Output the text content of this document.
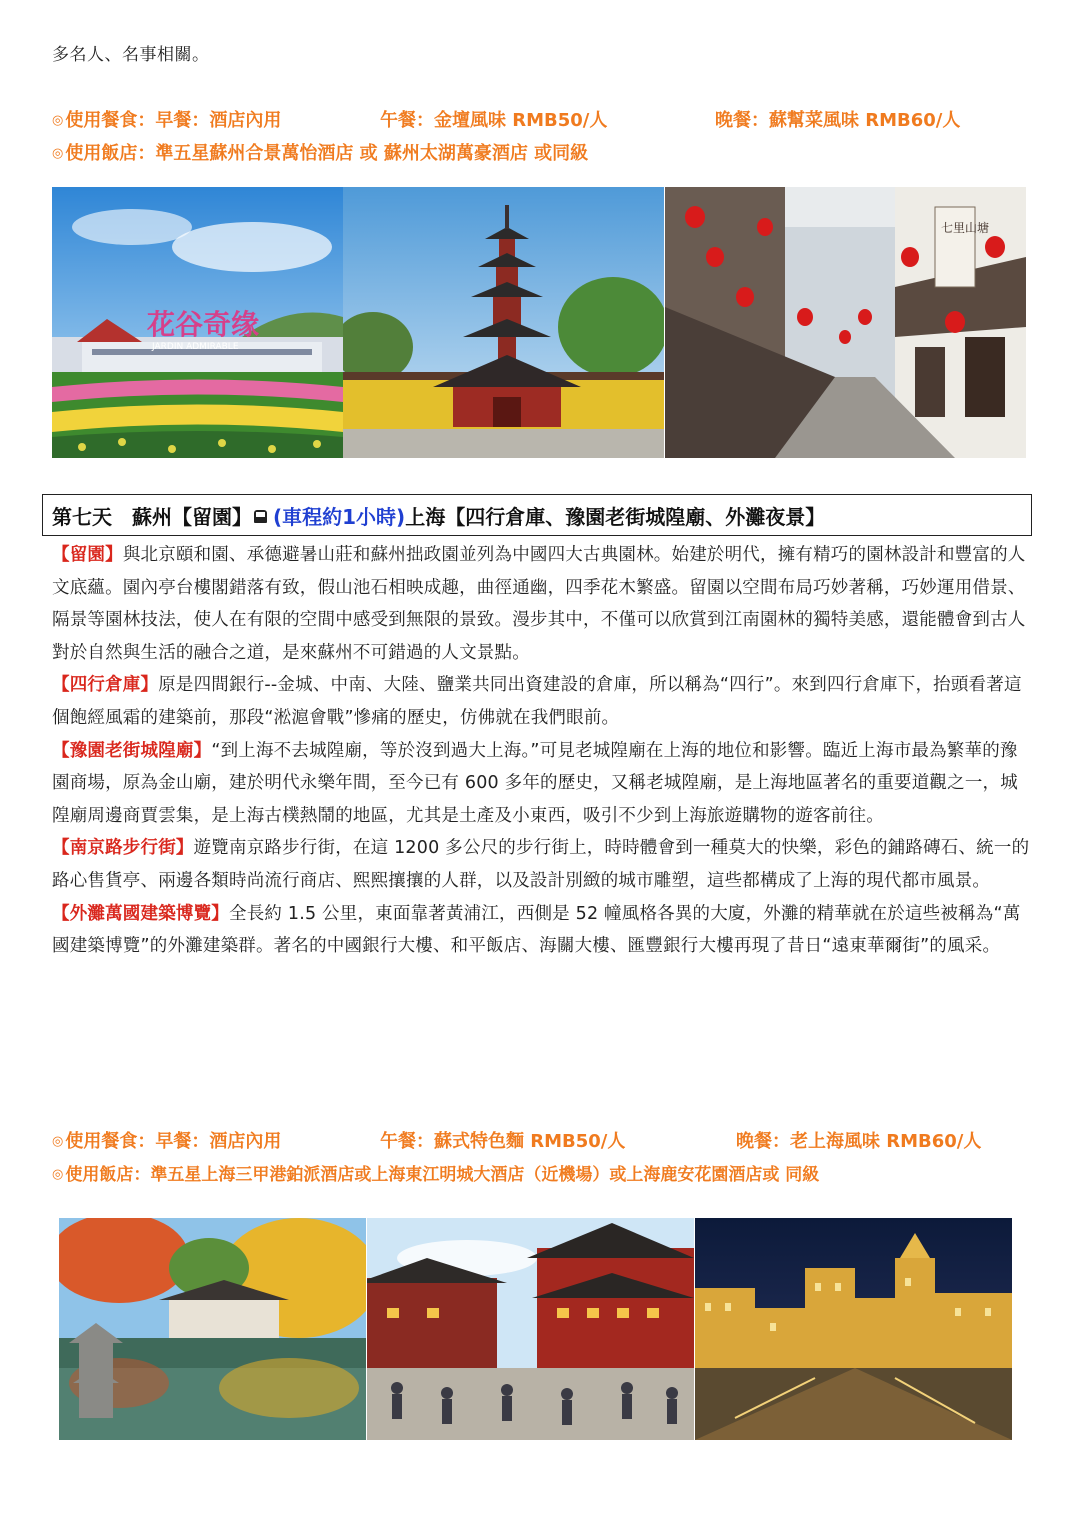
多名人、名事相關。
◎ 使用餐食：早餐：酒店內用	午餐：金壇風味 RMB50/人	晚餐：蘇幫菜風味 RMB60/人
◎ 使用飯店：準五星蘇州合景萬怡酒店 或 蘇州太湖萬豪酒店 或同級
花谷奇缘
JARDIN ADMIRABLE
七里山塘
第七天　蘇州【留園】 (車程約1小時) 上海【四行倉庫、豫園老街城隍廟、外灘夜景】

【留園】與北京頤和園、承德避暑山莊和蘇州拙政園並列為中國四大古典園林。始建於明代，擁有精巧的園林設計和豐富的人文底蘊。園內亭台樓閣錯落有致，假山池石相映成趣，曲徑通幽，四季花木繁盛。留園以空間布局巧妙著稱，巧妙運用借景、隔景等園林技法，使人在有限的空間中感受到無限的景致。漫步其中，不僅可以欣賞到江南園林的獨特美感，還能體會到古人對於自然與生活的融合之道，是來蘇州不可錯過的人文景點。

【四行倉庫】原是四間銀行--金城、中南、大陸、鹽業共同出資建設的倉庫，所以稱為“四行”。來到四行倉庫下，抬頭看著這個飽經風霜的建築前，那段“淞滬會戰”慘痛的歷史，仿佛就在我們眼前。

【豫園老街城隍廟】“到上海不去城隍廟，等於沒到過大上海。”可見老城隍廟在上海的地位和影響。臨近上海市最為繁華的豫園商場，原為金山廟，建於明代永樂年間，至今已有 600 多年的歷史，又稱老城隍廟，是上海地區著名的重要道觀之一，城隍廟周邊商賈雲集，是上海古樸熱鬧的地區，尤其是土產及小東西，吸引不少到上海旅遊購物的遊客前往。

【南京路步行街】遊覽南京路步行街，在這 1200 多公尺的步行街上，時時體會到一種莫大的快樂，彩色的鋪路磚石、統一的路心售貨亭、兩邊各類時尚流行商店、熙熙攘攘的人群，以及設計別緻的城市雕塑，這些都構成了上海的現代都市風景。

【外灘萬國建築博覽】全長約 1.5 公里，東面靠著黃浦江，西側是 52 幢風格各異的大廈，外灘的精華就在於這些被稱為“萬國建築博覽”的外灘建築群。著名的中國銀行大樓、和平飯店、海關大樓、匯豐銀行大樓再現了昔日“遠東華爾街”的風采。

◎ 使用餐食：早餐：酒店內用	午餐：蘇式特色麵 RMB50/人	晚餐：老上海風味 RMB60/人
◎ 使用飯店：準五星上海三甲港鉑派酒店或上海東江明城大酒店（近機場）或上海鹿安花園酒店或 同級
